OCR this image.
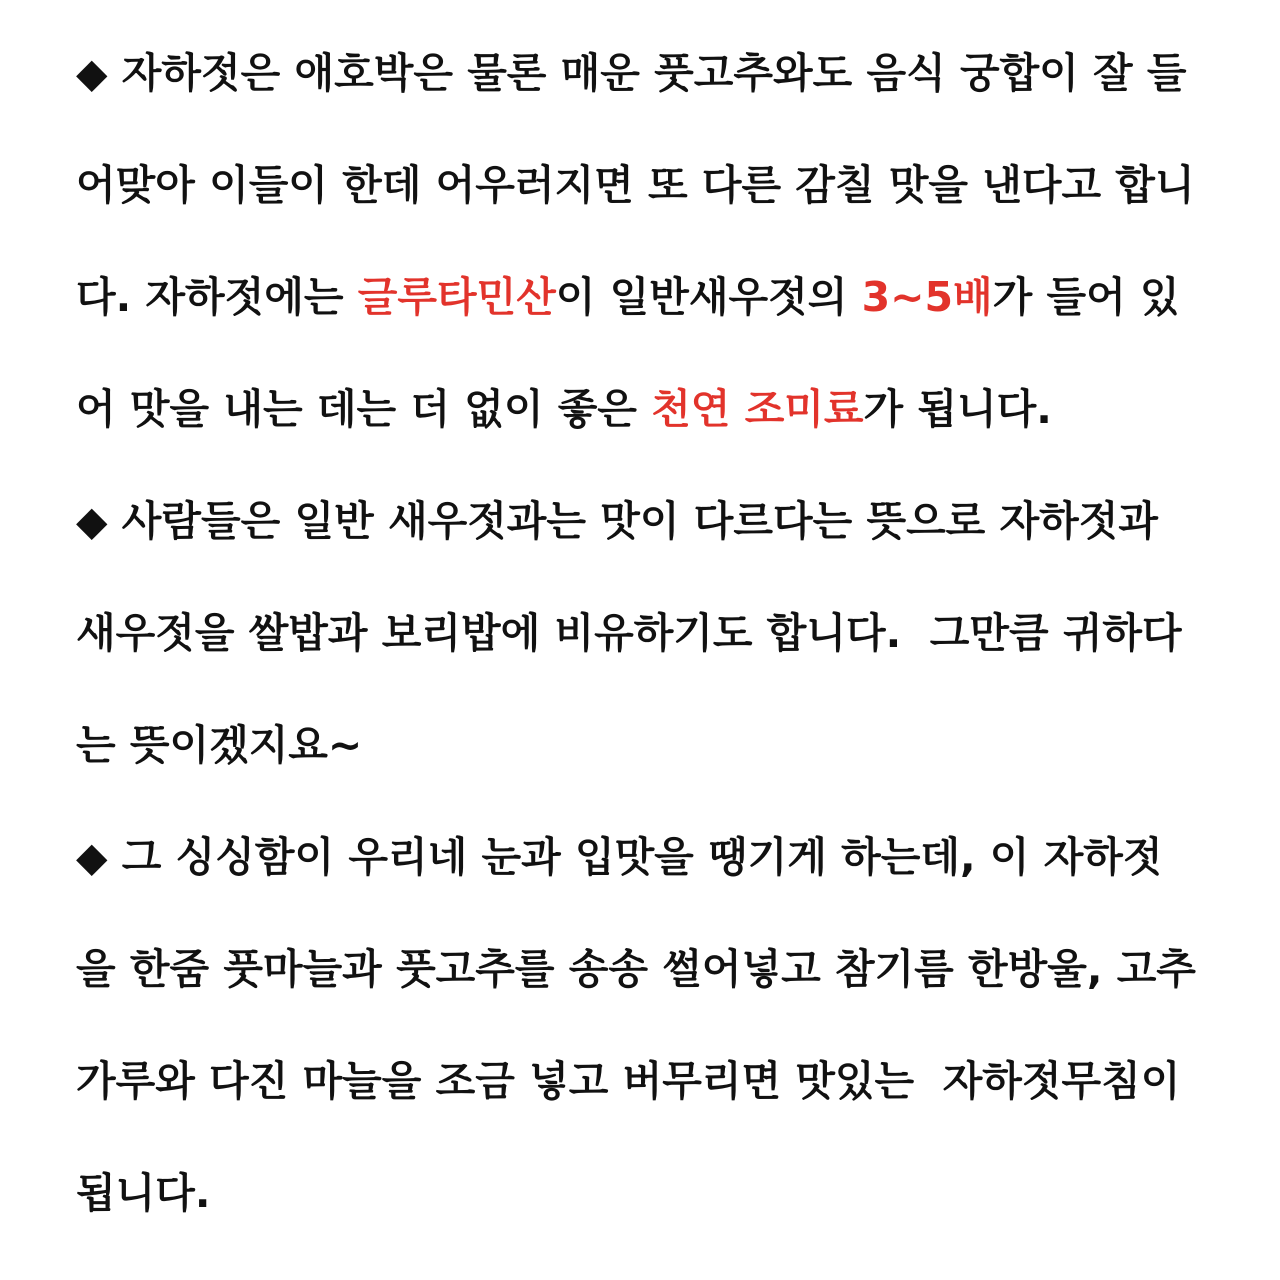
◆ 자하젓은 애호박은 물론 매운 풋고추와도 음식 궁합이 잘 들
어맞아 이들이 한데 어우러지면 또 다른 감칠 맛을 낸다고 합니
다. 자하젓에는 글루타민산이 일반새우젓의 3~5배가 들어 있
어 맛을 내는 데는 더 없이 좋은 천연 조미료가 됩니다.
◆ 사람들은 일반 새우젓과는 맛이 다르다는 뜻으로 자하젓과
새우젓을 쌀밥과 보리밥에 비유하기도 합니다.  그만큼 귀하다
는 뜻이겠지요~
◆ 그 싱싱함이 우리네 눈과 입맛을 땡기게 하는데, 이 자하젓
을 한줌 풋마늘과 풋고추를 송송 썰어넣고 참기름 한방울, 고추
가루와 다진 마늘을 조금 넣고 버무리면 맛있는  자하젓무침이
됩니다.
